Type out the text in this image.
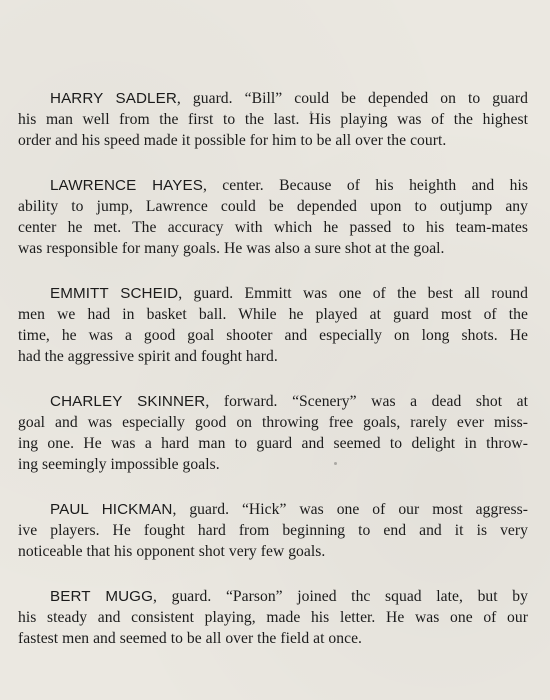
HARRY SADLER, guard. “Bill” could be depended on to guard
his man well from the first to the last. His playing was of the highest
order and his speed made it possible for him to be all over the court.
LAWRENCE HAYES, center. Because of his heighth and his
ability to jump, Lawrence could be depended upon to outjump any
center he met. The accuracy with which he passed to his team-mates
was responsible for many goals. He was also a sure shot at the goal.
EMMITT SCHEID, guard. Emmitt was one of the best all round
men we had in basket ball. While he played at guard most of the
time, he was a good goal shooter and especially on long shots. He
had the aggressive spirit and fought hard.
CHARLEY SKINNER, forward. “Scenery” was a dead shot at
goal and was especially good on throwing free goals, rarely ever miss-
ing one. He was a hard man to guard and seemed to delight in throw-
ing seemingly impossible goals.
PAUL HICKMAN, guard. “Hick” was one of our most aggress-
ive players. He fought hard from beginning to end and it is very
noticeable that his opponent shot very few goals.
BERT MUGG, guard. “Parson” joined thc squad late, but by
his steady and consistent playing, made his letter. He was one of our
fastest men and seemed to be all over the field at once.
